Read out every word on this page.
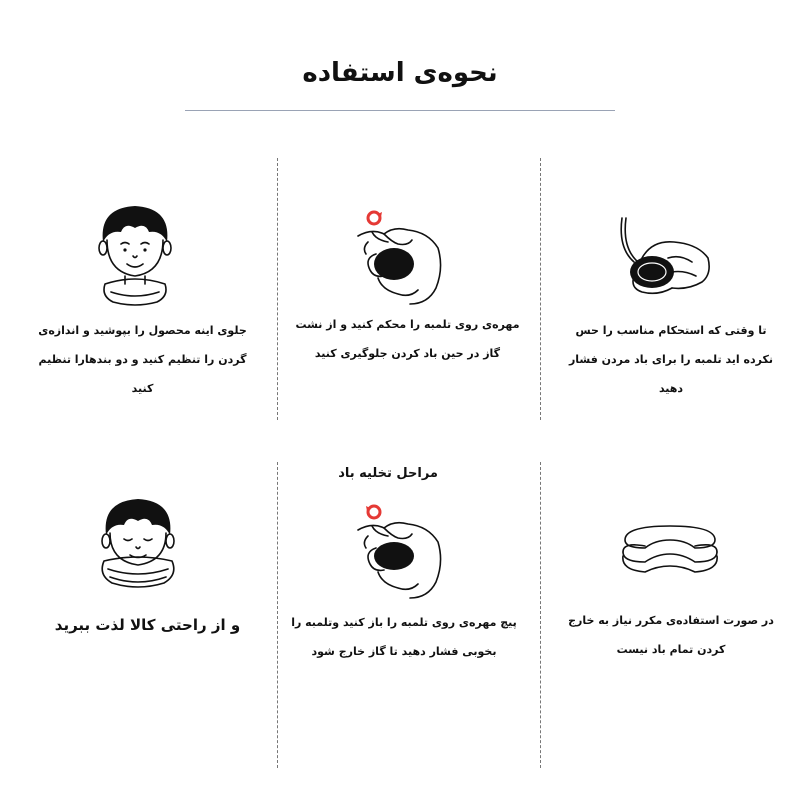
نحوه‌ی استفاده
جلوی اینه محصول را بپوشید و اندازه‌ی گردن را تنظیم کنید و دو بندهارا تنظیم کنید
مهره‌ی روی تلمبه را محکم کنید و از نشت گاز در حین باد کردن جلوگیری کنید
تا وقتی که استحکام مناسب را حس نکرده اید تلمبه را برای باد مردن فشار دهید
مراحل تخلیه باد
و از راحتی کالا لذت ببرید	پیچ مهره‌ی روی تلمبه را باز کنید وتلمبه را بخوبی فشار دهید تا گاز خارج شود
در صورت استفاده‌ی مکرر نیاز به خارج کردن تمام باد نیست
